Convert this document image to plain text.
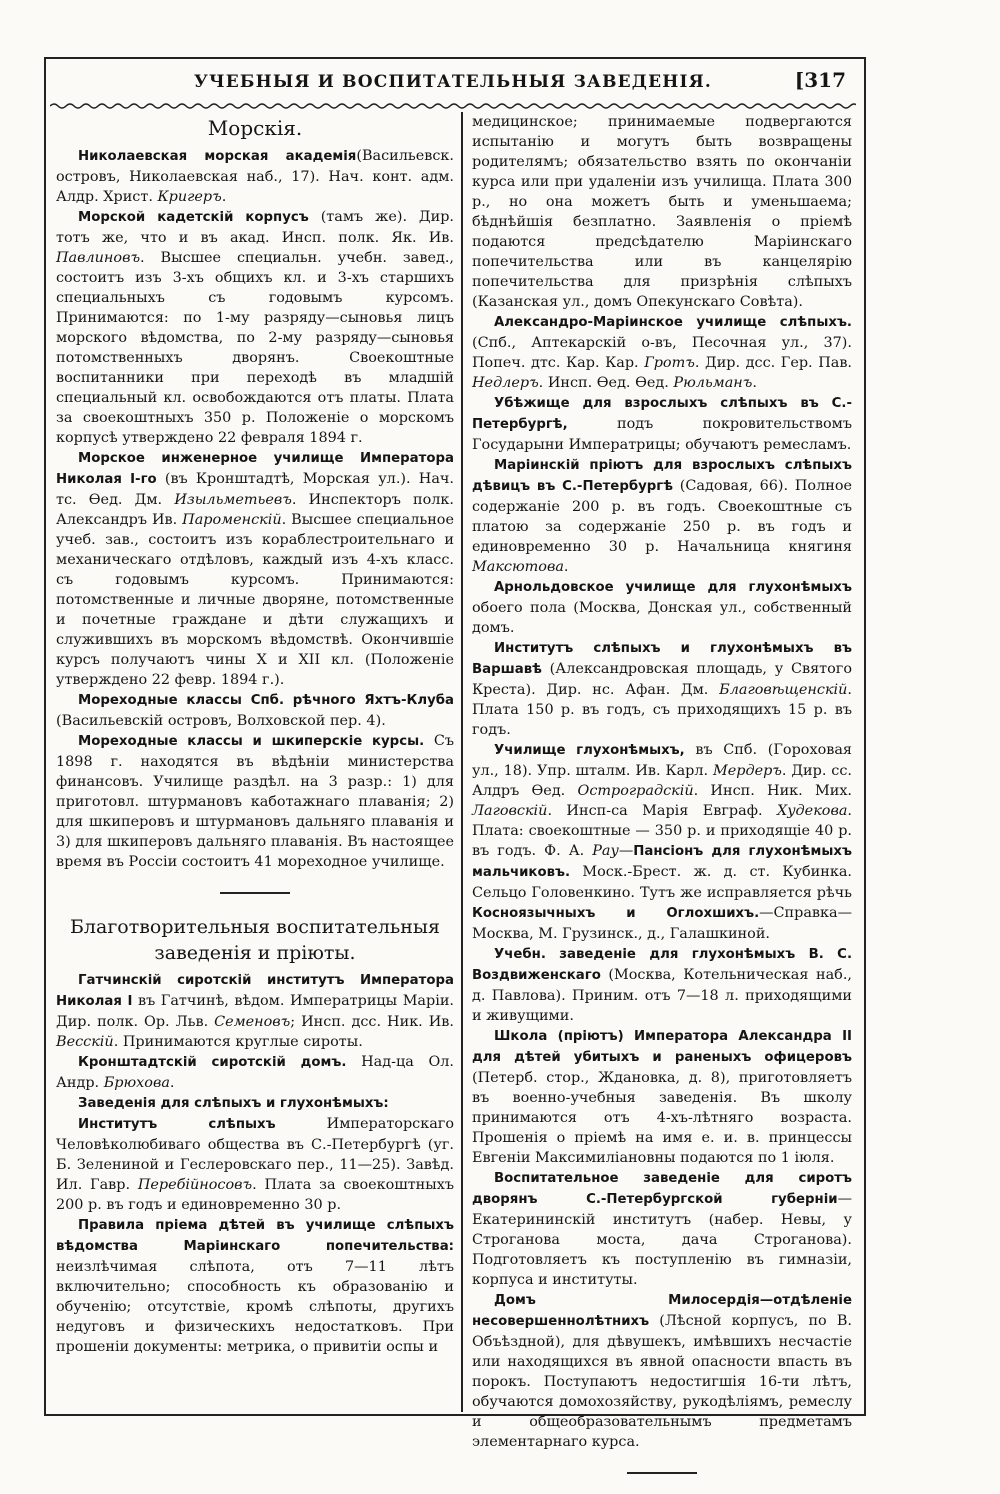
УЧЕБНЫЯ И ВОСПИТАТЕЛЬНЫЯ ЗАВЕДЕНІЯ.	[317
Морскія.

Николаевская морская академія(Васильевск. островъ, Николаевская наб., 17). Нач. конт. адм. Алдр. Христ. Кригеръ.

Морской кадетскій корпусъ (тамъ же). Дир. тотъ же, что и въ акад. Инсп. полк. Як. Ив. Павлиновъ. Высшее специальн. учебн. завед., состоитъ изъ 3-хъ общихъ кл. и 3-хъ старшихъ специальныхъ съ годовымъ курсомъ. Принимаются: по 1-му разряду—сыновья лицъ морского вѣдомства, по 2-му разряду—сыновья потомственныхъ дворянъ. Своекоштные воспитанники при переходѣ въ младшій специальный кл. освобождаются отъ платы. Плата за своекоштныхъ 350 р. Положеніе о морскомъ корпусѣ утверждено 22 февраля 1894 г.

Морское инженерное училище Императора Николая І-го (въ Кронштадтѣ, Морская ул.). Нач. тс. Ѳед. Дм. Изыльметьевъ. Инспекторъ полк. Александръ Ив. Пароменскій. Высшее специальное учеб. зав., состоитъ изъ кораблестроительнаго и механическаго отдѣловъ, каждый изъ 4-хъ класс. съ годовымъ курсомъ. Принимаются: потомственные и личные дворяне, потомственные и почетные граждане и дѣти служащихъ и служившихъ въ морскомъ вѣдомствѣ. Окончившіе курсъ получаютъ чины X и XII кл. (Положеніе утверждено 22 февр. 1894 г.).

Мореходные классы Спб. рѣчного Яхтъ-Клуба (Васильевскій островъ, Волховской пер. 4).

Мореходные классы и шкиперскіе курсы. Съ 1898 г. находятся въ вѣдѣніи министерства финансовъ. Училище раздѣл. на 3 разр.: 1) для приготовл. штурмановъ каботажнаго плаванія; 2) для шкиперовъ и штурмановъ дальняго плаванія и 3) для шкиперовъ дальняго плаванія. Въ настоящее время въ Россіи состоитъ 41 мореходное училище.

Благотворительныя воспитательныя заведенія и пріюты.

Гатчинскій сиротскій институтъ Императора Николая І въ Гатчинѣ, вѣдом. Императрицы Маріи. Дир. полк. Ор. Льв. Семеновъ; Инсп. дсс. Ник. Ив. Весскій. Принимаются круглые сироты.

Кронштадтскій сиротскій домъ. Над-ца Ол. Андр. Брюхова.

Заведенія для слѣпыхъ и глухонѣмыхъ:

Институтъ слѣпыхъ Императорскаго Человѣколюбиваго общества въ С.-Петербургѣ (уг. Б. Зелениной и Геслеровскаго пер., 11—25). Завѣд. Ил. Гавр. Перебійносовъ. Плата за своекоштныхъ 200 р. въ годъ и единовременно 30 р.

Правила пріема дѣтей въ училище слѣпыхъ вѣдомства Маріинскаго попечительства: неизлѣчимая слѣпота, отъ 7—11 лѣтъ включительно; способность къ образованію и обученію; отсутствіе, кромѣ слѣпоты, другихъ недуговъ и физическихъ недостатковъ. При прошеніи документы: метрика, о привитіи оспы и

медицинское; принимаемые подвергаются испытанію и могутъ быть возвращены родителямъ; обязательство взять по окончаніи курса или при удаленіи изъ училища. Плата 300 р., но она можетъ быть и уменьшаема; бѣднѣйшія безплатно. Заявленія о пріемѣ подаются предсѣдателю Маріинскаго попечительства или въ канцелярію попечительства для призрѣнія слѣпыхъ (Казанская ул., домъ Опекунскаго Совѣта).

Александро-Маріинское училище слѣпыхъ. (Спб., Аптекарскій о-въ, Песочная ул., 37). Попеч. дтс. Кар. Кар. Гротъ. Дир. дсс. Гер. Пав. Недлеръ. Инсп. Ѳед. Ѳед. Рюльманъ.

Убѣжище для взрослыхъ слѣпыхъ въ С.-Петербургѣ, подъ покровительствомъ Государыни Императрицы; обучаютъ ремесламъ.

Маріинскій пріютъ для взрослыхъ слѣпыхъ дѣвицъ въ С.-Петербургѣ (Садовая, 66). Полное содержаніе 200 р. въ годъ. Своекоштные съ платою за содержаніе 250 р. въ годъ и единовременно 30 р. Начальница княгиня Максютова.

Арнольдовское училище для глухонѣмыхъ обоего пола (Москва, Донская ул., собственный домъ.

Институтъ слѣпыхъ и глухонѣмыхъ въ Варшавѣ (Александровская площадь, у Святого Креста). Дир. нс. Афан. Дм. Благовѣщенскій. Плата 150 р. въ годъ, съ приходящихъ 15 р. въ годъ.

Училище глухонѣмыхъ, въ Спб. (Гороховая ул., 18). Упр. шталм. Ив. Карл. Мердеръ. Дир. сс. Алдръ Ѳед. Остроградскій. Инсп. Ник. Мих. Лаговскій. Инсп-са Марія Евграф. Худекова. Плата: своекоштные — 350 р. и приходящіе 40 р. въ годъ. Ф. А. Рау—Пансіонъ для глухонѣмыхъ мальчиковъ. Моск.-Брест. ж. д. ст. Кубинка. Сельцо Головенкино. Тутъ же исправляется рѣчь Косноязычныхъ и Оглохшихъ.—Справка—Москва, М. Грузинск., д., Галашкиной.

Учебн. заведеніе для глухонѣмыхъ В. С. Воздвиженскаго (Москва, Котельническая наб., д. Павлова). Приним. отъ 7—18 л. приходящими и живущими.

Школа (пріютъ) Императора Александра ІІ для дѣтей убитыхъ и раненыхъ офицеровъ (Петерб. стор., Ждановка, д. 8), приготовляетъ въ военно-учебныя заведенія. Въ школу принимаются отъ 4-хъ-лѣтняго возраста. Прошенія о пріемѣ на имя е. и. в. принцессы Евгеніи Максимиліановны подаются по 1 іюля.

Воспитательное заведеніе для сиротъ дворянъ С.-Петербургской губерніи—Екатерининскій институтъ (набер. Невы, у Строганова моста, дача Строганова). Подготовляетъ къ поступленію въ гимназіи, корпуса и институты.

Домъ Милосердія—отдѣленіе несовершеннолѣтнихъ (Лѣсной корпусъ, по В. Объѣздной), для дѣвушекъ, имѣвшихъ несчастіе или находящихся въ явной опасности впасть въ порокъ. Поступаютъ недостигшія 16-ти лѣтъ, обучаются домохозяйству, рукодѣліямъ, ремеслу и общеобразовательнымъ предметамъ элементарнаго курса.
